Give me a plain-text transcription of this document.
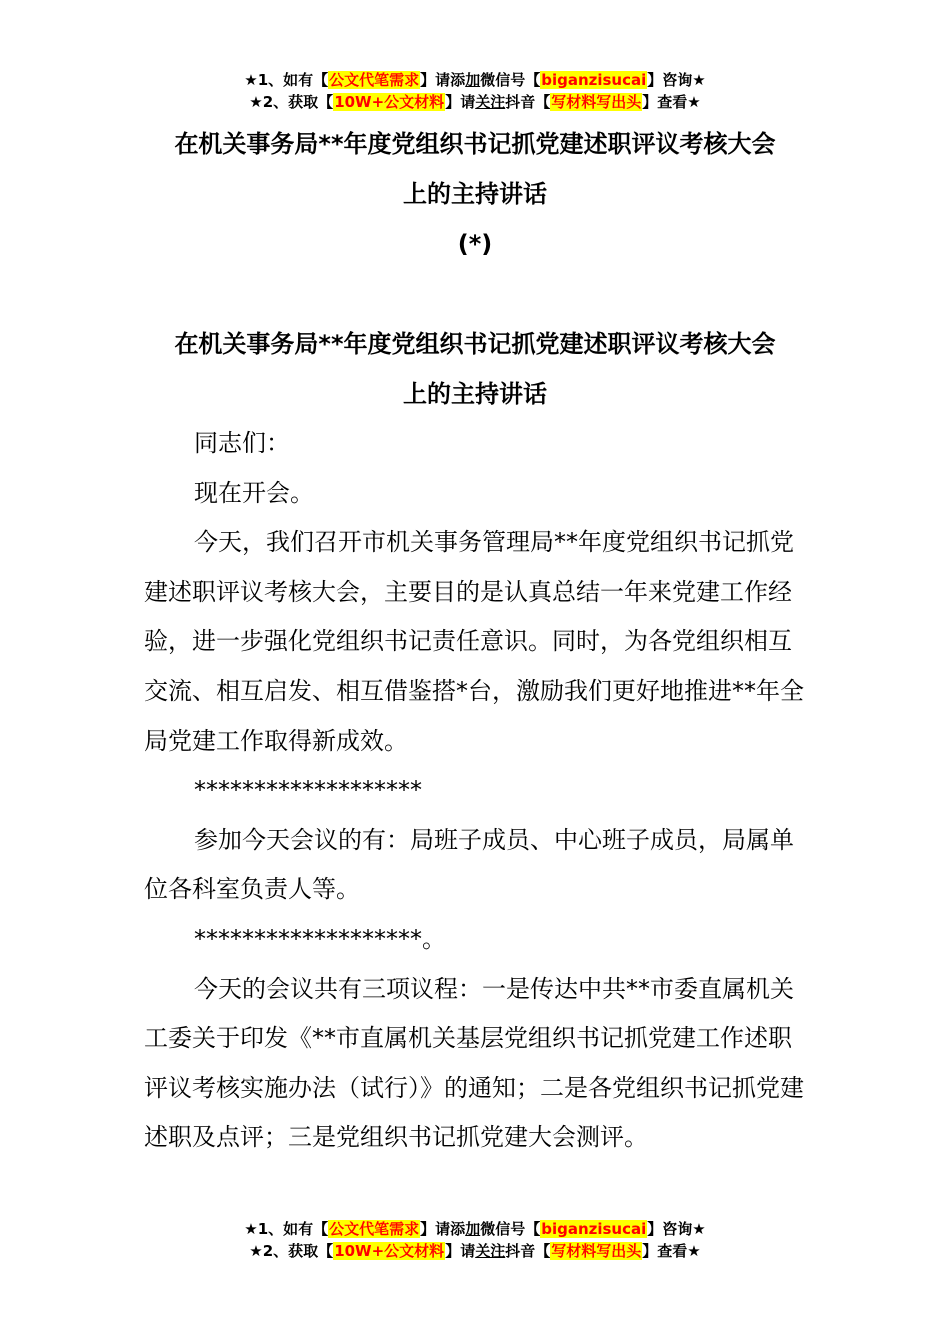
★1、如有【公文代笔需求】请添加微信号【biganzisucai】咨询★
★2、获取【10W+公文材料】请关注抖音【写材料写出头】查看★
在机关事务局**年度党组织书记抓党建述职评议考核大会
上的主持讲话
(*)
在机关事务局**年度党组织书记抓党建述职评议考核大会
上的主持讲话

同志们：

现在开会。

今天，我们召开市机关事务管理局**年度党组织书记抓党建述职评议考核大会，主要目的是认真总结一年来党建工作经验，进一步强化党组织书记责任意识。同时，为各党组织相互交流、相互启发、相互借鉴搭*台，激励我们更好地推进**年全局党建工作取得新成效。

*******************

参加今天会议的有：局班子成员、中心班子成员，局属单位各科室负责人等。

*******************。

今天的会议共有三项议程：一是传达中共**市委直属机关工委关于印发《**市直属机关基层党组织书记抓党建工作述职评议考核实施办法（试行）》的通知；二是各党组织书记抓党建述职及点评；三是党组织书记抓党建大会测评。

★1、如有【公文代笔需求】请添加微信号【biganzisucai】咨询★
★2、获取【10W+公文材料】请关注抖音【写材料写出头】查看★
